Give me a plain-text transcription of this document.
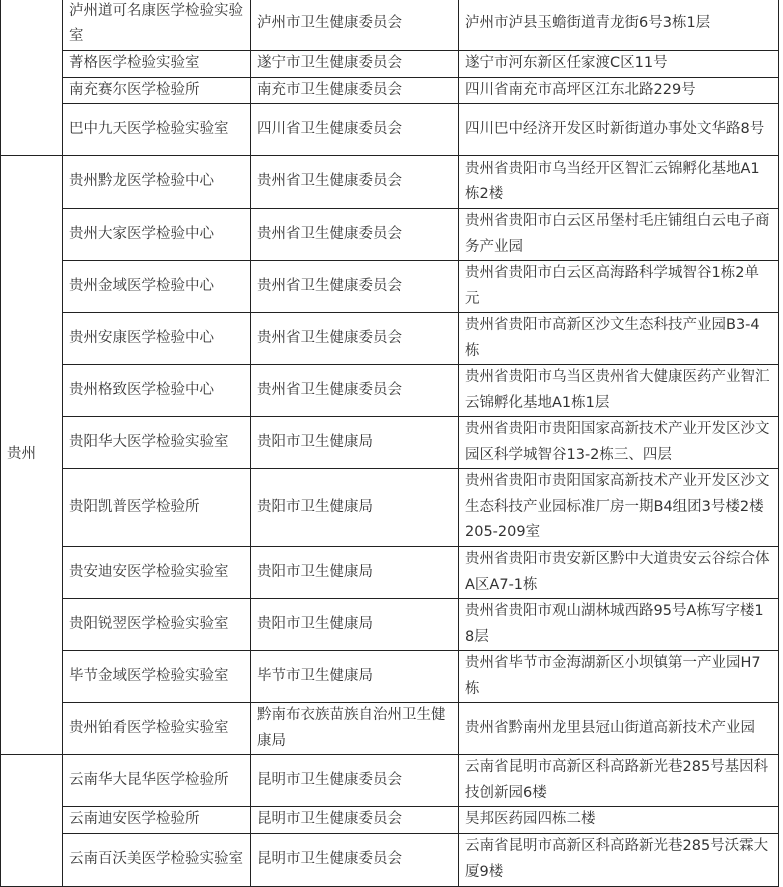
	泸州道可名康医学检验实验室	泸州市卫生健康委员会	泸州市泸县玉蟾街道青龙街6号3栋1层
	菁格医学检验实验室	遂宁市卫生健康委员会	遂宁市河东新区任家渡C区11号
	南充赛尔医学检验所	南充市卫生健康委员会	四川省南充市高坪区江东北路229号
	巴中九天医学检验实验室	四川省卫生健康委员会	四川巴中经济开发区时新街道办事处文华路8号
贵州	贵州黔龙医学检验中心	贵州省卫生健康委员会	贵州省贵阳市乌当经开区智汇云锦孵化基地A1栋2楼
	贵州大家医学检验中心	贵州省卫生健康委员会	贵州省贵阳市白云区吊堡村毛庄铺组白云电子商务产业园
	贵州金域医学检验中心	贵州省卫生健康委员会	贵州省贵阳市白云区高海路科学城智谷1栋2单元
	贵州安康医学检验中心	贵州省卫生健康委员会	贵州省贵阳市高新区沙文生态科技产业园B3-4栋
	贵州格致医学检验中心	贵州省卫生健康委员会	贵州省贵阳市乌当区贵州省大健康医药产业智汇云锦孵化基地A1栋1层
	贵阳华大医学检验实验室	贵阳市卫生健康局	贵州省贵阳市贵阳国家高新技术产业开发区沙文园区科学城智谷13-2栋三、四层
	贵阳凯普医学检验所	贵阳市卫生健康局	贵州省贵阳市贵阳国家高新技术产业开发区沙文生态科技产业园标准厂房一期B4组团3号楼2楼205-209室
	贵安迪安医学检验实验室	贵阳市卫生健康局	贵州省贵阳市贵安新区黔中大道贵安云谷综合体A区A7-1栋
	贵阳锐翌医学检验实验室	贵阳市卫生健康局	贵州省贵阳市观山湖林城西路95号A栋写字楼18层
	毕节金域医学检验实验室	毕节市卫生健康局	贵州省毕节市金海湖新区小坝镇第一产业园H7栋
	贵州铂肴医学检验实验室	黔南布衣族苗族自治州卫生健康局	贵州省黔南州龙里县冠山街道高新技术产业园
	云南华大昆华医学检验所	昆明市卫生健康委员会	云南省昆明市高新区科高路新光巷285号基因科技创新园6楼
	云南迪安医学检验所	昆明市卫生健康委员会	昊邦医药园四栋二楼
	云南百沃美医学检验实验室	昆明市卫生健康委员会	云南省昆明市高新区科高路新光巷285号沃霖大厦9楼
